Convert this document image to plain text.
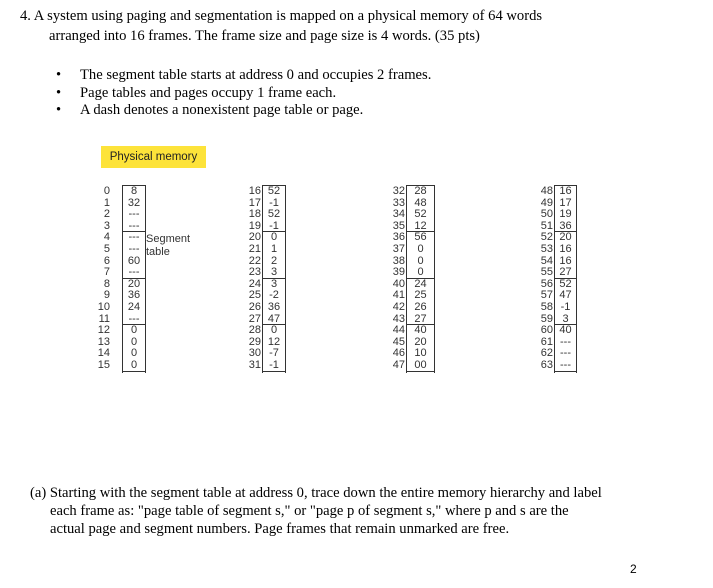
4. A system using paging and segmentation is mapped on a physical memory of 64 words
arranged into 16 frames. The frame size and page size is 4 words. (35 pts)
• The segment table starts at address 0 and occupies 2 frames.
• Page tables and pages occupy 1 frame each.
• A dash denotes a nonexistent page table or page.
Physical memory
0
1
2
3
4
5
6
7
8
9
10
11
12
13
14
15
8
32
---
---
---
---
60
---
20
36
24
---
0
0
0
0
16
17
18
19
20
21
22
23
24
25
26
27
28
29
30
31
52
-1
52
-1
0
1
2
3
3
-2
36
47
0
12
-7
-1
32
33
34
35
36
37
38
39
40
41
42
43
44
45
46
47
28
48
52
12
56
0
0
0
24
25
26
27
40
20
10
00
48
49
50
51
52
53
54
55
56
57
58
59
60
61
62
63
16
17
19
36
20
16
16
27
52
47
-1
3
40
---
---
---
Segment table
(a) Starting with the segment table at address 0, trace down the entire memory hierarchy and label
each frame as: "page table of segment s," or "page p of segment s," where p and s are the
actual page and segment numbers. Page frames that remain unmarked are free.
2
